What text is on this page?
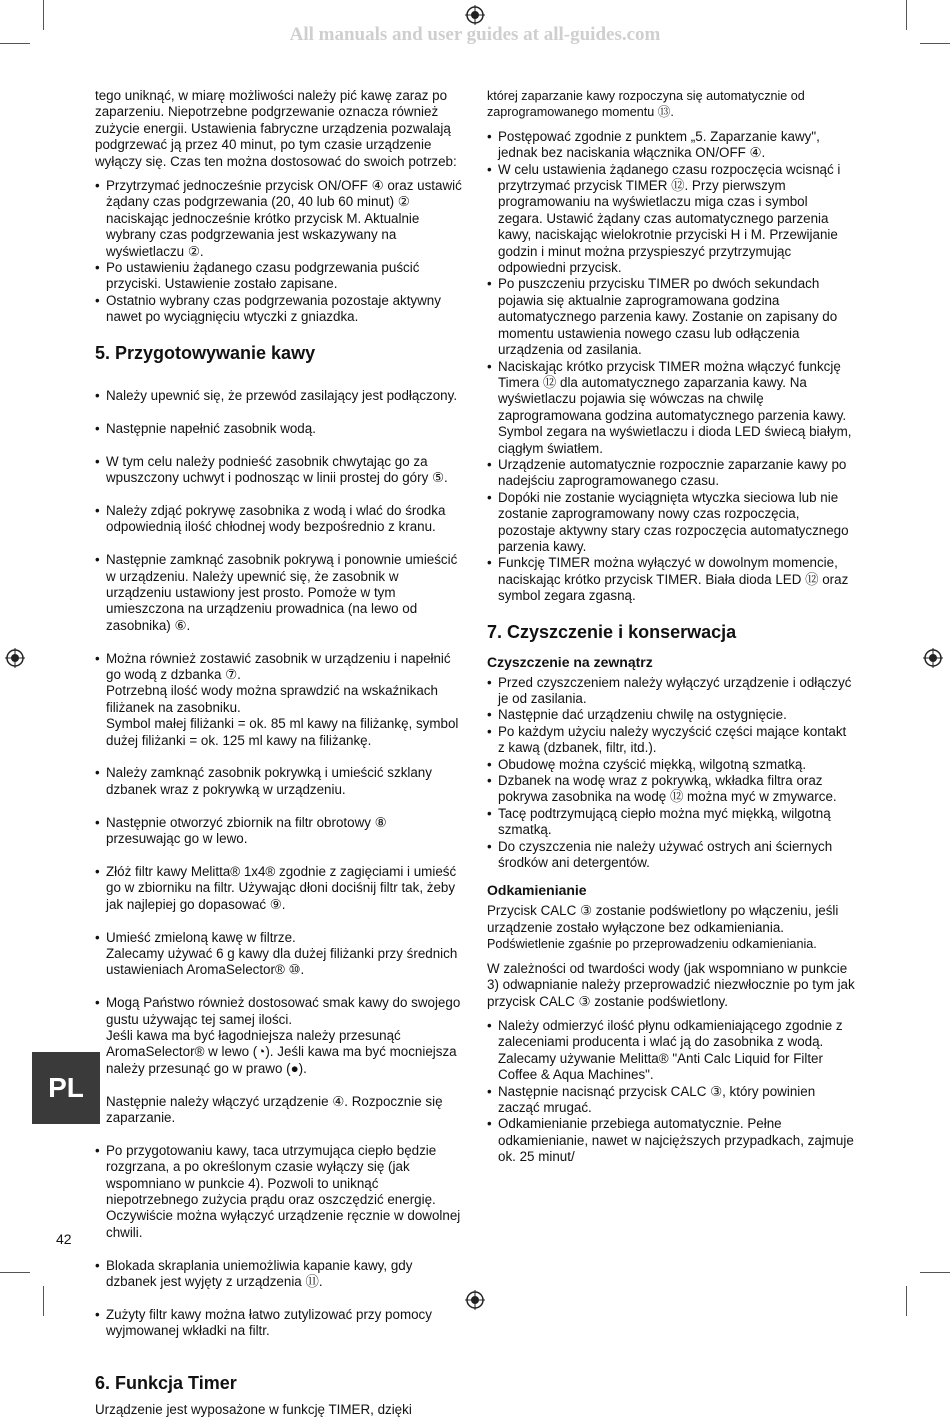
All manuals and user guides at all-guides.com

tego uniknąć, w miarę możliwości należy pić kawę zaraz po zaparzeniu. Niepotrzebne podgrzewanie oznacza również zużycie energii. Ustawienia fabryczne urządzenia pozwalają podgrzewać ją przez 40 minut, po tym czasie urządzenie wyłączy się. Czas ten można dostosować do swoich potrzeb:

• Przytrzymać jednocześnie przycisk ON/OFF ④ oraz ustawić żądany czas podgrzewania (20, 40 lub 60 minut) ② naciskając jednocześnie krótko przycisk M. Aktualnie wybrany czas podgrzewania jest wskazywany na wyświetlaczu ②.
• Po ustawieniu żądanego czasu podgrzewania puścić przyciski. Ustawienie zostało zapisane.
• Ostatnio wybrany czas podgrzewania pozostaje aktywny nawet po wyciągnięciu wtyczki z gniazdka.
5. Przygotowywanie kawy

• Należy upewnić się, że przewód zasilający jest podłączony.

• Następnie napełnić zasobnik wodą.

• W tym celu należy podnieść zasobnik chwytając go za wpuszczony uchwyt i podnosząc w linii prostej do góry ⑤.

• Należy zdjąć pokrywę zasobnika z wodą i wlać do środka odpowiednią ilość chłodnej wody bezpośrednio z kranu.

• Następnie zamknąć zasobnik pokrywą i ponownie umieścić w urządzeniu. Należy upewnić się, że zasobnik w urządzeniu ustawiony jest prosto. Pomoże w tym umieszczona na urządzeniu prowadnica (na lewo od zasobnika) ⑥.

• Można również zostawić zasobnik w urządzeniu i napełnić go wodą z dzbanka ⑦.
Potrzebną ilość wody można sprawdzić na wskaźnikach filiżanek na zasobniku.
Symbol małej filiżanki = ok. 85 ml kawy na filiżankę, symbol dużej filiżanki = ok. 125 ml kawy na filiżankę.

• Należy zamknąć zasobnik pokrywką i umieścić szklany dzbanek wraz z pokrywką w urządzeniu.

• Następnie otworzyć zbiornik na filtr obrotowy ⑧ przesuwając go w lewo.

• Złóż filtr kawy Melitta® 1x4® zgodnie z zagięciami i umieść go w zbiorniku na filtr. Używając dłoni dociśnij filtr tak, żeby jak najlepiej go dopasować ⑨.

• Umieść zmieloną kawę w filtrze.
Zalecamy używać 6 g kawy dla dużej filiżanki przy średnich ustawieniach AromaSelector® ⑩.

• Mogą Państwo również dostosować smak kawy do swojego gustu używając tej samej ilości.
Jeśli kawa ma być łagodniejsza należy przesunąć AromaSelector® w lewo (◔). Jeśli kawa ma być mocniejsza należy przesunąć go w prawo (●).

• Następnie należy włączyć urządzenie ④. Rozpocznie się zaparzanie.

• Po przygotowaniu kawy, taca utrzymująca ciepło będzie rozgrzana, a po określonym czasie wyłączy się (jak wspomniano w punkcie 4). Pozwoli to uniknąć niepotrzebnego zużycia prądu oraz oszczędzić energię. Oczywiście można wyłączyć urządzenie ręcznie w dowolnej chwili.

• Blokada skraplania uniemożliwia kapanie kawy, gdy dzbanek jest wyjęty z urządzenia ⑪.

• Zużyty filtr kawy można łatwo zutylizować przy pomocy wyjmowanej wkładki na filtr.

6. Funkcja Timer

Urządzenie jest wyposażone w funkcję TIMER, dzięki

której zaparzanie kawy rozpoczyna się automatycznie od zaprogramowanego momentu ⑬.

• Postępować zgodnie z punktem „5. Zaparzanie kawy", jednak bez naciskania włącznika ON/OFF ④.
• W celu ustawienia żądanego czasu rozpoczęcia wcisnąć i przytrzymać przycisk TIMER ⑫. Przy pierwszym programowaniu na wyświetlaczu miga czas i symbol zegara. Ustawić żądany czas automatycznego parzenia kawy, naciskając wielokrotnie przyciski H i M. Przewijanie godzin i minut można przyspieszyć przytrzymując odpowiedni przycisk.
• Po puszczeniu przycisku TIMER po dwóch sekundach pojawia się aktualnie zaprogramowana godzina automatycznego parzenia kawy. Zostanie on zapisany do momentu ustawienia nowego czasu lub odłączenia urządzenia od zasilania.
• Naciskając krótko przycisk TIMER można włączyć funkcję Timera ⑫ dla automatycznego zaparzania kawy. Na wyświetlaczu pojawia się wówczas na chwilę zaprogramowana godzina automatycznego parzenia kawy. Symbol zegara na wyświetlaczu i dioda LED świecą białym, ciągłym światłem.
• Urządzenie automatycznie rozpocznie zaparzanie kawy po nadejściu zaprogramowanego czasu.
• Dopóki nie zostanie wyciągnięta wtyczka sieciowa lub nie zostanie zaprogramowany nowy czas rozpoczęcia, pozostaje aktywny stary czas rozpoczęcia automatycznego parzenia kawy.
• Funkcję TIMER można wyłączyć w dowolnym momencie, naciskając krótko przycisk TIMER. Biała dioda LED ⑫ oraz symbol zegara zgasną.
7. Czyszczenie i konserwacja
Czyszczenie na zewnątrz
• Przed czyszczeniem należy wyłączyć urządzenie i odłączyć je od zasilania.
• Następnie dać urządzeniu chwilę na ostygnięcie.
• Po każdym użyciu należy wyczyścić części mające kontakt z kawą (dzbanek, filtr, itd.).
• Obudowę można czyścić miękką, wilgotną szmatką.
• Dzbanek na wodę wraz z pokrywką, wkładka filtra oraz pokrywa zasobnika na wodę ⑫ można myć w zmywarce.
• Tacę podtrzymującą ciepło można myć miękką, wilgotną szmatką.
• Do czyszczenia nie należy używać ostrych ani ściernych środków ani detergentów.
Odkamienianie

Przycisk CALC ③ zostanie podświetlony po włączeniu, jeśli urządzenie zostało wyłączone bez odkamieniania.

Podświetlenie zgaśnie po przeprowadzeniu odkamieniania.

W zależności od twardości wody (jak wspomniano w punkcie 3) odwapnianie należy przeprowadzić niezwłocznie po tym jak przycisk CALC ③ zostanie podświetlony.

• Należy odmierzyć ilość płynu odkamieniającego zgodnie z zaleceniami producenta i wlać ją do zasobnika z wodą. Zalecamy używanie Melitta® "Anti Calc Liquid for Filter Coffee & Aqua Machines".
• Następnie nacisnąć przycisk CALC ③, który powinien zacząć mrugać.
• Odkamienianie przebiega automatycznie. Pełne odkamienianie, nawet w najcięższych przypadkach, zajmuje ok. 25 minut/
PL
42
